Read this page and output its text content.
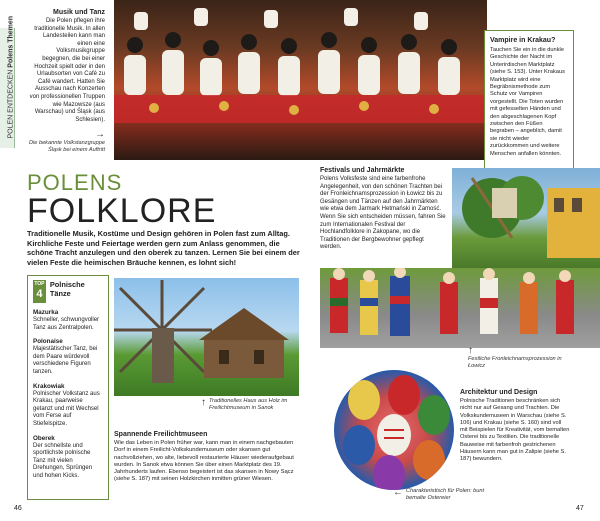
POLEN ENTDECKEN Polens Themen
Musik und Tanz
Die Polen pflegen ihre traditionelle Musik. In allen Landesteilen kann man einen eine Volksmusikgruppe begegnen, die bei einer Hochzeit spielt oder in den Urlaubsorten von Café zu Café wandert. Hatten Sie Ausschau nach Konzerten von professionellen Truppen wie Mazowsze (aus Warschau) und Śląsk (aus Schlesien).
→
Die bekannte Volkstanzgruppe Śląsk bei einem Auftritt
Vampire in Krakau?
Tauchen Sie ein in die dunkle Geschichte der Nacht im Unterirdischen Marktplatz (siehe S. 153). Unter Krakaus Marktplatz wird eine Begräbnismethode zum Schutz vor Vampiren vorgestellt. Die Toten wurden mit gefesselten Händen und den abgeschlagenen Kopf zwischen den Füßen begraben – angeblich, damit sie nicht wieder zurückkommen und weitere Menschen anfallen könnten.
POLENS
FOLKLORE
Traditionelle Musik, Kostüme und Design gehören in Polen fast zum Alltag. Kirchliche Feste und Feiertage werden gern zum Anlass genommen, die schöne Tracht anzulegen und den oberek zu tanzen. Lernen Sie bei einem der vielen Feste die heimischen Bräuche kennen, es lohnt sich!
Festivals und Jahrmärkte
Polens Volksfeste sind eine farbenfrohe Angelegenheit, von den schönen Trachten bei der Fronleichnamsprozession in Łowicz bis zu Gesängen und Tänzen auf den Jahrmärkten wie etwa dem Jarmark Hetmański in Zamość. Wenn Sie sich entscheiden müssen, fahren Sie zum Internationalen Festival der Hochlandfolklore in Zakopane, wo die Traditionen der Bergbewohner gepflegt werden.
↑
Festliche Fronleichnamsprozession in Łowicz
TOP
4
Polnische Tänze
Mazurka
Schneller, schwungvoller Tanz aus Zentralpolen.
Polonaise
Majestätischer Tanz, bei dem Paare würdevoll verschiedene Figuren tanzen.
Krakowiak
Polnischer Volkstanz aus Krakau, paarweise getanzt und mit Wechsel vom Ferse auf Stiefelspitze.
Oberek
Der schnellste und sportlichste polnische Tanz mit vielen Drehungen, Sprüngen und hohen Kicks.
↑ Traditionelles Haus aus Holz im Freilichtmuseum in Sanok
Spannende Freilichtmuseen
Wie das Leben in Polen früher war, kann man in einem nachgebauten Dorf in einem Freilicht-Volkskundemuseum oder skansen gut nachvollziehen, wo alte, liebevoll restaurierte Häuser wiederaufgebaut wurden. In Sanok etwa können Sie über einen Marktplatz des 19. Jahrhunderts laufen. Ebenso begeistert ist das skansen in Nowy Sącz (siehe S. 187) mit seinen Holzkirchen inmitten grüner Wiesen.
← Charakteristisch für Polen: bunt bemalte Ostereier
Architektur und Design
Polnische Traditionen beschränken sich nicht nur auf Gesang und Trachten. Die Volkskundemuseen in Warschau (siehe S. 106) und Krakau (siehe S. 160) sind voll mit Beispielen für Kreativität, vom bemalten Osterei bis zu Textilien. Die traditionelle Bauweise mit farbenfroh gestrichenen Häusern kann man gut in Zalipie (siehe S. 187) bewundern.
46	47
